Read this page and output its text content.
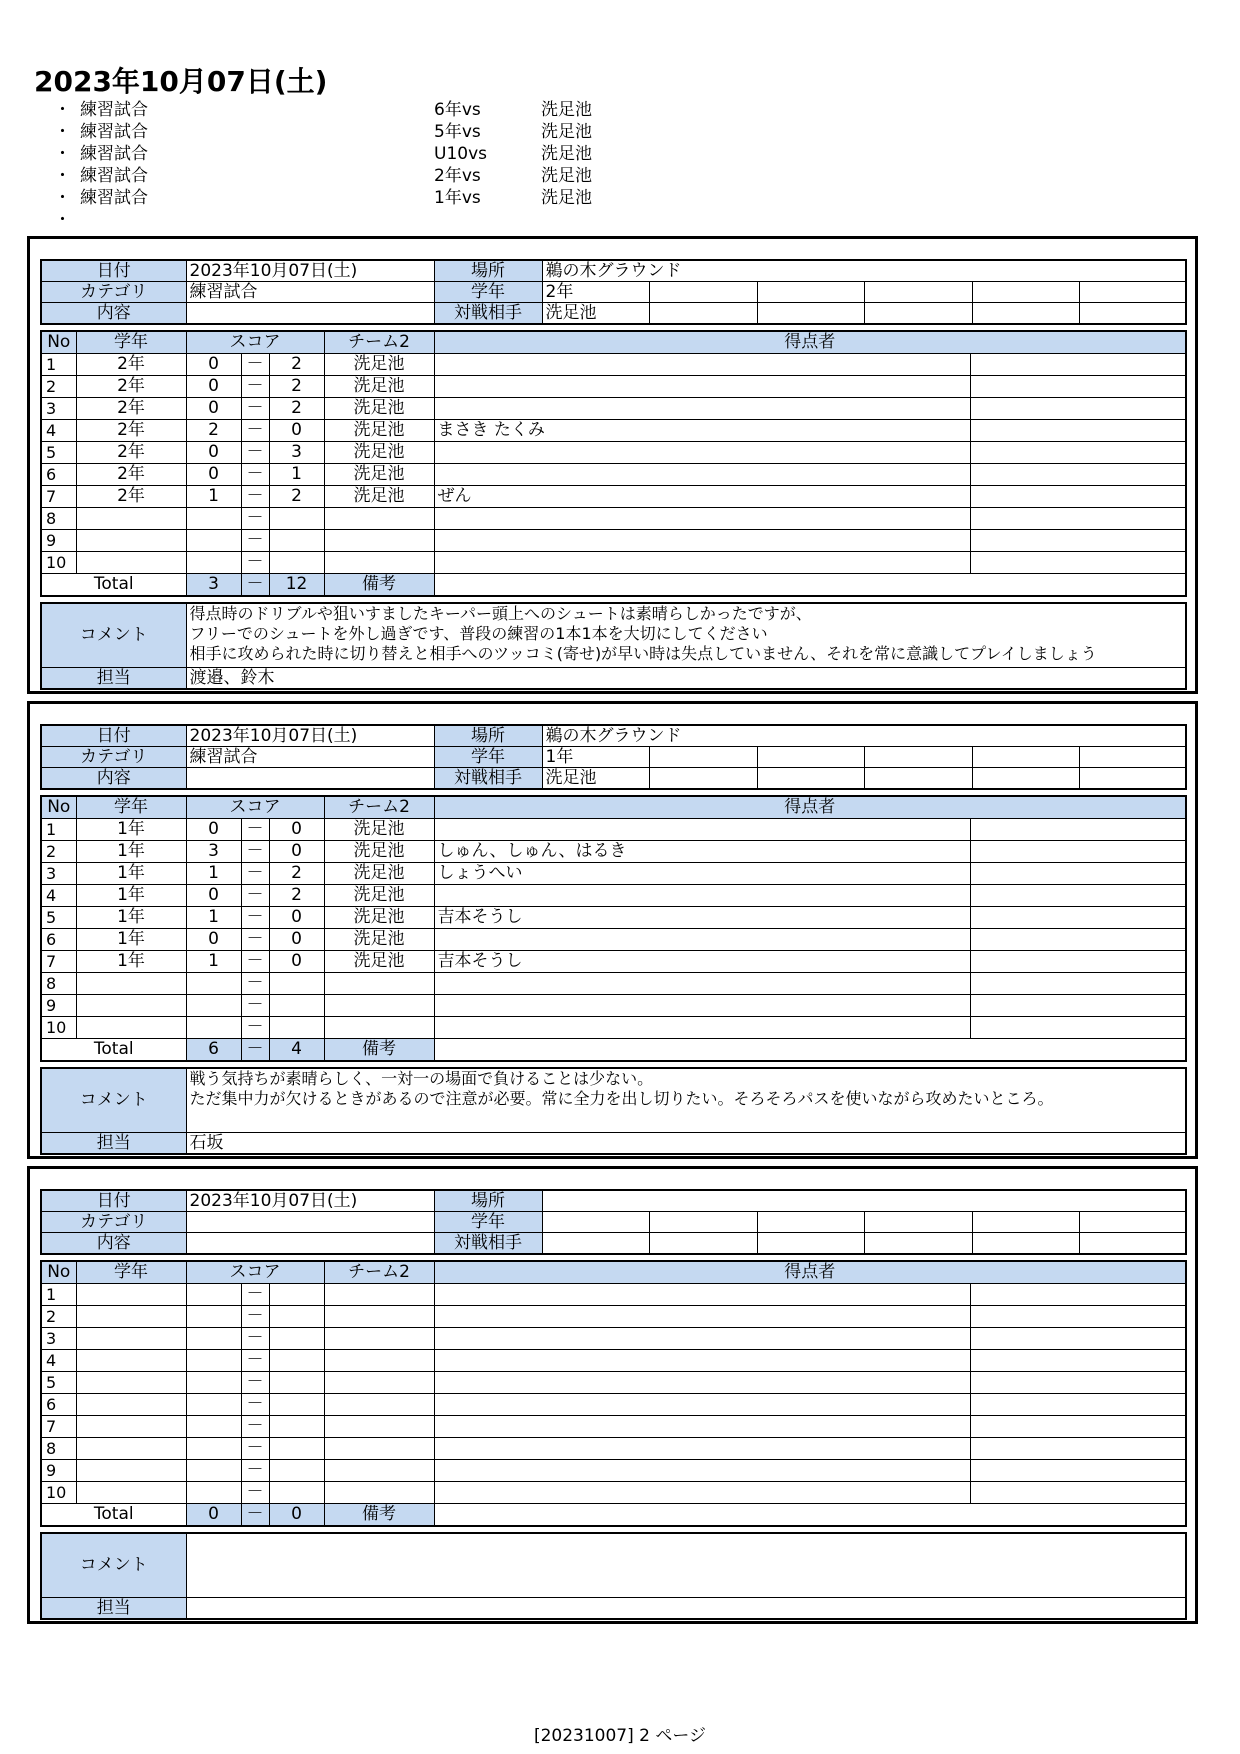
2023年10月07日(土)
・ 練習試合	6年vs	洗足池
・ 練習試合	5年vs	洗足池
・ 練習試合	U10vs	洗足池
・ 練習試合	2年vs	洗足池
・ 練習試合	1年vs	洗足池
・
日付	2023年10月07日(土)	場所	鵜の木グラウンド					
カテゴリ	練習試合	学年	2年					
内容		対戦相手	洗足池					
No	学年	スコア			チーム2	得点者	
1	2年	0	－	2	洗足池		
2	2年	0	－	2	洗足池		
3	2年	0	－	2	洗足池		
4	2年	2	－	0	洗足池	まさき たくみ	
5	2年	0	－	3	洗足池		
6	2年	0	－	1	洗足池		
7	2年	1	－	2	洗足池	ぜん	
8			－				
9			－				
10			－				
Total		3	－	12	備考		
コメント	得点時のドリブルや狙いすましたキーパー頭上へのシュートは素晴らしかったですが、
フリーでのシュートを外し過ぎです、普段の練習の1本1本を大切にしてください
相手に攻められた時に切り替えと相手へのツッコミ(寄せ)が早い時は失点していません、それを常に意識してプレイしましょう

担当	渡邉、鈴木
日付	2023年10月07日(土)	場所	鵜の木グラウンド					
カテゴリ	練習試合	学年	1年					
内容		対戦相手	洗足池					
No	学年	スコア			チーム2	得点者	
1	1年	0	－	0	洗足池		
2	1年	3	－	0	洗足池	しゅん、しゅん、はるき	
3	1年	1	－	2	洗足池	しょうへい	
4	1年	0	－	2	洗足池		
5	1年	1	－	0	洗足池	吉本そうし	
6	1年	0	－	0	洗足池		
7	1年	1	－	0	洗足池	吉本そうし	
8			－				
9			－				
10			－				
Total		6	－	4	備考		
コメント	戦う気持ちが素晴らしく、一対一の場面で負けることは少ない。
ただ集中力が欠けるときがあるので注意が必要。常に全力を出し切りたい。そろそろパスを使いながら攻めたいところ。

担当	石坂
日付	2023年10月07日(土)	場所						
カテゴリ		学年						
内容		対戦相手						
No	学年	スコア			チーム2	得点者	
1			－				
2			－				
3			－				
4			－				
5			－				
6			－				
7			－				
8			－				
9			－				
10			－				
Total		0	－	0	備考		
コメント	

担当	
[20231007] 2 ページ
